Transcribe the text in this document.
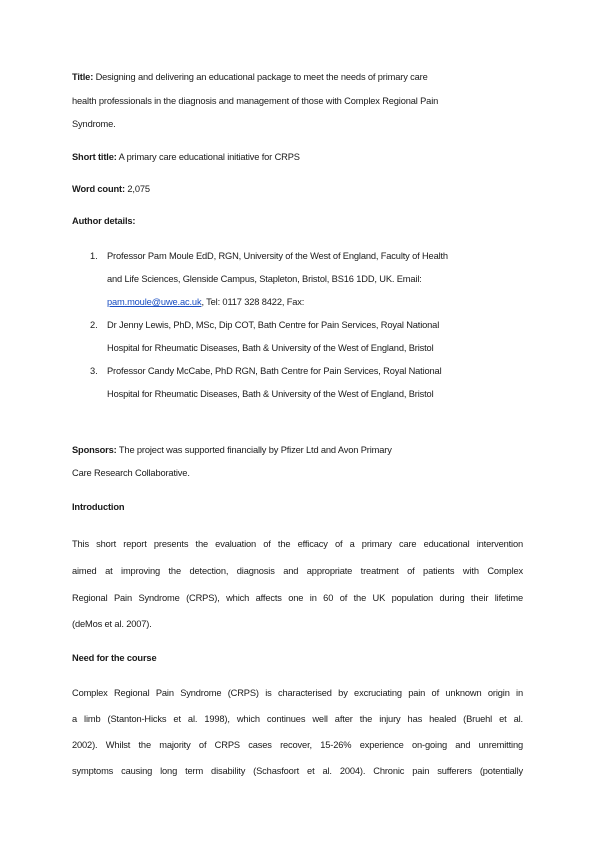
Title: Designing and delivering an educational package to meet the needs of primary care
health professionals in the diagnosis and management of those with Complex Regional Pain
Syndrome.
Short title: A primary care educational initiative for CRPS
Word count: 2,075
Author details:
1. Professor Pam Moule EdD, RGN, University of the West of England, Faculty of Health
and Life Sciences, Glenside Campus, Stapleton, Bristol, BS16 1DD, UK. Email:
pam.moule@uwe.ac.uk, Tel: 0117 328 8422, Fax:
2. Dr Jenny Lewis, PhD, MSc, Dip COT, Bath Centre for Pain Services, Royal National
Hospital for Rheumatic Diseases, Bath & University of the West of England, Bristol
3. Professor Candy McCabe, PhD RGN, Bath Centre for Pain Services, Royal National
Hospital for Rheumatic Diseases, Bath & University of the West of England, Bristol
Sponsors: The project was supported financially by Pfizer Ltd and Avon Primary
Care Research Collaborative.
Introduction
This short report presents the evaluation of the efficacy of a primary care educational intervention
aimed at improving the detection, diagnosis and appropriate treatment of patients with Complex
Regional Pain Syndrome (CRPS), which affects one in 60 of the UK population during their lifetime
(deMos et al. 2007).
Need for the course
Complex Regional Pain Syndrome (CRPS) is characterised by excruciating pain of unknown origin in
a limb (Stanton-Hicks et al. 1998), which continues well after the injury has healed (Bruehl et al.
2002). Whilst the majority of CRPS cases recover, 15-26% experience on-going and unremitting
symptoms causing long term disability (Schasfoort et al. 2004). Chronic pain sufferers (potentially
